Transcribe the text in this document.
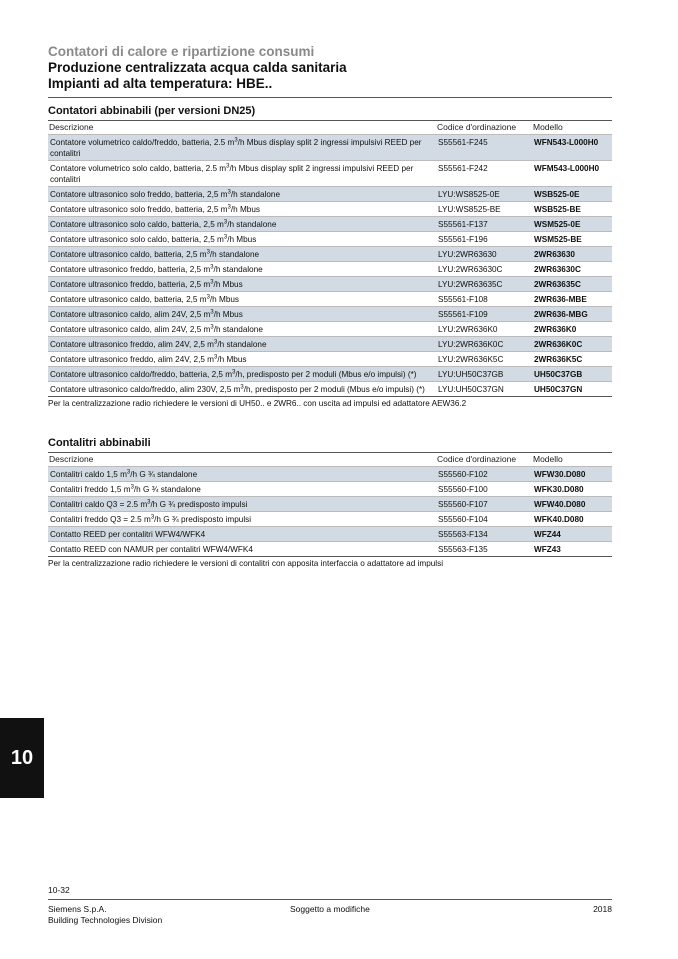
Contatori di calore e ripartizione consumi
Produzione centralizzata acqua calda sanitaria
Impianti ad alta temperatura: HBE..
Contatori abbinabili (per versioni DN25)
Descrizione	Codice d'ordinazione	Modello
Contatore volumetrico caldo/freddo, batteria, 2.5 $m^3/h$ Mbus display split 2 ingressi impulsivi REED per contalitri
S55561-F245	WFN543-L000H0
Contatore volumetrico solo caldo, batteria, 2.5 $m^3/h$ Mbus display split 2 ingressi impulsivi REED per contalitri
S55561-F242	WFM543-L000H0
Contatore ultrasonico solo freddo, batteria, 2,5 $m^3/h$ standalone	LYU:WS8525-0E	WSB525-0E
Contatore ultrasonico solo freddo, batteria, 2,5 $m^3/h$ Mbus	LYU:WS8525-BE	WSB525-BE
Contatore ultrasonico solo caldo, batteria, 2,5 $m^3/h$ standalone	S55561-F137	WSM525-0E
Contatore ultrasonico solo caldo, batteria, 2,5 $m^3/h$ Mbus	S55561-F196	WSM525-BE
Contatore ultrasonico caldo, batteria, 2,5 $m^3/h$ standalone	LYU:2WR63630	2WR63630
Contatore ultrasonico freddo, batteria, 2,5 $m^3/h$ standalone	LYU:2WR63630C	2WR63630C
Contatore ultrasonico freddo, batteria, 2,5 $m^3/h$ Mbus	LYU:2WR63635C	2WR63635C
Contatore ultrasonico caldo, batteria, 2,5 $m^3/h$ Mbus	S55561-F108	2WR636-MBE
Contatore ultrasonico caldo, alim 24V, 2,5 $m^3/h$ Mbus	S55561-F109	2WR636-MBG
Contatore ultrasonico caldo, alim 24V, 2,5 $m^3/h$ standalone	LYU:2WR636K0	2WR636K0
Contatore ultrasonico freddo, alim 24V, 2,5 $m^3/h$ standalone	LYU:2WR636K0C	2WR636K0C
Contatore ultrasonico freddo, alim 24V, 2,5 $m^3/h$ Mbus	LYU:2WR636K5C	2WR636K5C
Contatore ultrasonico caldo/freddo, batteria, 2,5 $m^3/h$, predisposto per 2 moduli (Mbus e/o impulsi) (*)	LYU:UH50C37GB	UH50C37GB
Contatore ultrasonico caldo/freddo, alim 230V, 2,5 $m^3/h$, predisposto per 2 moduli (Mbus e/o impulsi) (*)	LYU:UH50C37GN	UH50C37GN
Per la centralizzazione radio richiedere le versioni di UH50.. e 2WR6.. con uscita ad impulsi ed adattatore AEW36.2
Contalitri abbinabili
Descrizione	Codice d'ordinazione	Modello
Contalitri caldo 1,5 $m^3/h$ G ¾ standalone	S55560-F102	WFW30.D080
Contalitri freddo 1,5 $m^3/h$ G ¾ standalone	S55560-F100	WFK30.D080
Contalitri caldo Q3 = 2.5 $m^3/h$ G ¾ predisposto impulsi	S55560-F107	WFW40.D080
Contalitri freddo Q3 = 2.5 $m^3/h$ G ¾ predisposto impulsi	S55560-F104	WFK40.D080
Contatto REED per contalitri WFW4/WFK4	S55563-F134	WFZ44
Contatto REED con NAMUR per contalitri WFW4/WFK4	S55563-F135	WFZ43
Per la centralizzazione radio richiedere le versioni di contalitri con apposita interfaccia o adattatore ad impulsi
10
10-32
Siemens S.p.A.
Building Technologies Division
Soggetto a modifiche	2018
